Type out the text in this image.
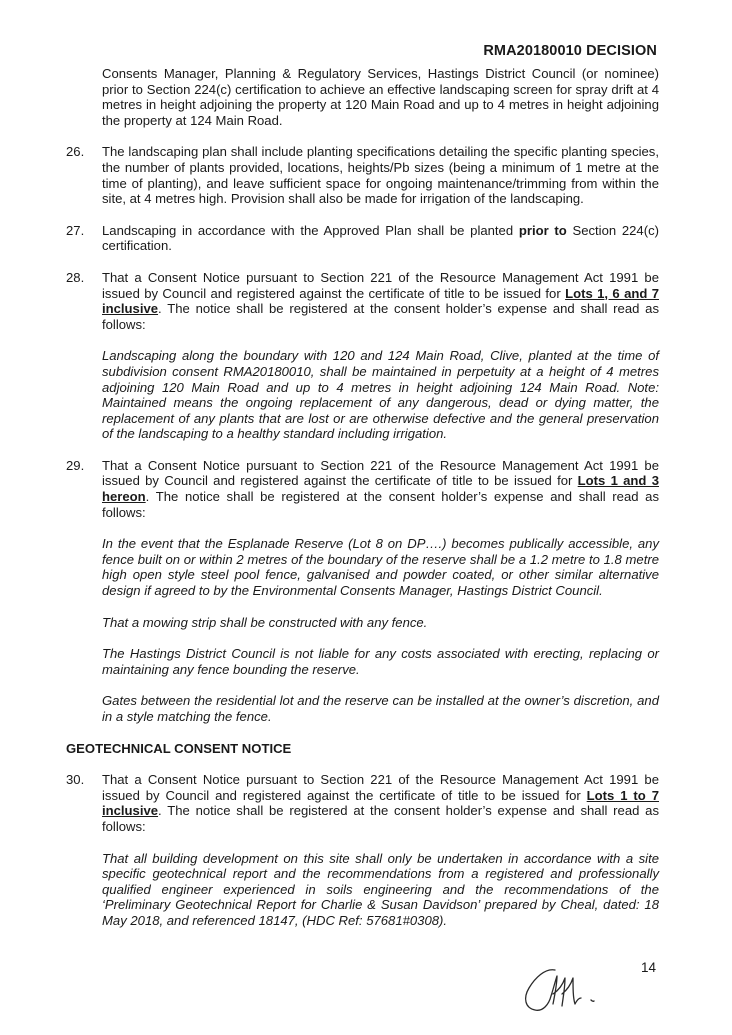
RMA20180010 DECISION
Consents Manager, Planning & Regulatory Services, Hastings District Council (or nominee) prior to Section 224(c) certification to achieve an effective landscaping screen for spray drift at 4 metres in height adjoining the property at 120 Main Road and up to 4 metres in height adjoining the property at 124 Main Road.
26.	The landscaping plan shall include planting specifications detailing the specific planting species, the number of plants provided, locations, heights/Pb sizes (being a minimum of 1 metre at the time of planting), and leave sufficient space for ongoing maintenance/trimming from within the site, at 4 metres high. Provision shall also be made for irrigation of the landscaping.
27.	Landscaping in accordance with the Approved Plan shall be planted prior to Section 224(c) certification.
28.	That a Consent Notice pursuant to Section 221 of the Resource Management Act 1991 be issued by Council and registered against the certificate of title to be issued for Lots 1, 6 and 7 inclusive. The notice shall be registered at the consent holder’s expense and shall read as follows:
Landscaping along the boundary with 120 and 124 Main Road, Clive, planted at the time of subdivision consent RMA20180010, shall be maintained in perpetuity at a height of 4 metres adjoining 120 Main Road and up to 4 metres in height adjoining 124 Main Road. Note: Maintained means the ongoing replacement of any dangerous, dead or dying matter, the replacement of any plants that are lost or are otherwise defective and the general preservation of the landscaping to a healthy standard including irrigation.
29.	That a Consent Notice pursuant to Section 221 of the Resource Management Act 1991 be issued by Council and registered against the certificate of title to be issued for Lots 1 and 3 hereon. The notice shall be registered at the consent holder’s expense and shall read as follows:
In the event that the Esplanade Reserve (Lot 8 on DP….) becomes publically accessible, any fence built on or within 2 metres of the boundary of the reserve shall be a 1.2 metre to 1.8 metre high open style steel pool fence, galvanised and powder coated, or other similar alternative design if agreed to by the Environmental Consents Manager, Hastings District Council.
That a mowing strip shall be constructed with any fence.
The Hastings District Council is not liable for any costs associated with erecting, replacing or maintaining any fence bounding the reserve.
Gates between the residential lot and the reserve can be installed at the owner’s discretion, and in a style matching the fence.
GEOTECHNICAL CONSENT NOTICE
30.	That a Consent Notice pursuant to Section 221 of the Resource Management Act 1991 be issued by Council and registered against the certificate of title to be issued for Lots 1 to 7 inclusive. The notice shall be registered at the consent holder’s expense and shall read as follows:
That all building development on this site shall only be undertaken in accordance with a site specific geotechnical report and the recommendations from a registered and professionally qualified engineer experienced in soils engineering and the recommendations of the ‘Preliminary Geotechnical Report for Charlie & Susan Davidson’ prepared by Cheal, dated: 18 May 2018, and referenced 18147, (HDC Ref: 57681#0308).
14
